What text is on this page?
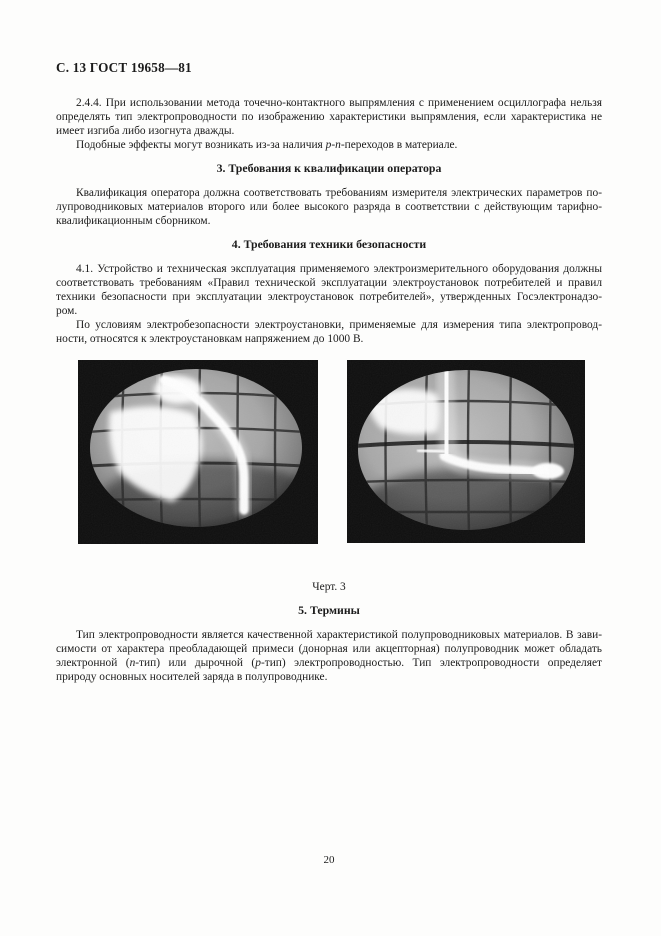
С. 13 ГОСТ 19658—81
2.4.4. При использовании метода точечно-контактного выпрямления с применением осциллографа нельзя
определять тип электропроводности по изображению характеристики выпрямления, если характеристика не
имеет изгиба либо изогнута дважды.
Подобные эффекты могут возникать из-за наличия p-n-переходов в материале.
3. Требования к квалификации оператора
Квалификация оператора должна соответствовать требованиям измерителя электрических параметров по-
лупроводниковых материалов второго или более высокого разряда в соответствии с действующим тарифно-
квалификационным сборником.
4. Требования техники безопасности
4.1. Устройство и техническая эксплуатация применяемого электроизмерительного оборудования должны
соответствовать требованиям «Правил технической эксплуатации электроустановок потребителей и правил
техники безопасности при эксплуатации электроустановок потребителей», утвержденных Госэлектронадзо-
ром.
По условиям электробезопасности электроустановки, применяемые для измерения типа электропровод-
ности, относятся к электроустановкам напряжением до 1000 В.
Черт. 3
5. Термины
Тип электропроводности является качественной характеристикой полупроводниковых материалов. В зави-
симости от характера преобладающей примеси (донорная или акцепторная) полупроводник может обладать
электронной (n-тип) или дырочной (p-тип) электропроводностью. Тип электропроводности определяет
природу основных носителей заряда в полупроводнике.
20
